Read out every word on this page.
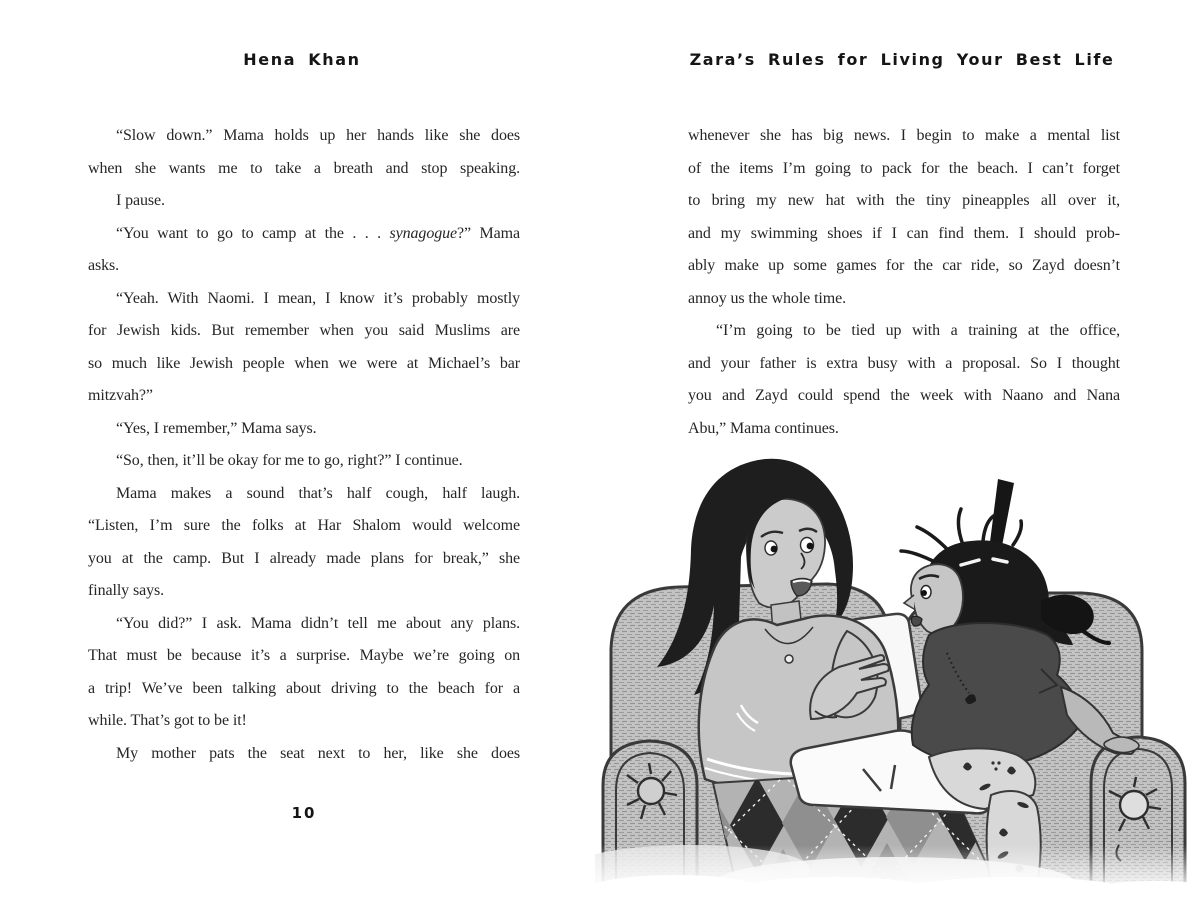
Hena Khan	Zara’s Rules for Living Your Best Life
“Slow down.” Mama holds up her hands like she does
when she wants me to take a breath and stop speaking.
I pause.
“You want to go to camp at the . . . synagogue?” Mama
asks.
“Yeah. With Naomi. I mean, I know it’s probably mostly
for Jewish kids. But remember when you said Muslims are
so much like Jewish people when we were at Michael’s bar
mitzvah?”
“Yes, I remember,” Mama says.
“So, then, it’ll be okay for me to go, right?” I continue.
Mama makes a sound that’s half cough, half laugh.
“Listen, I’m sure the folks at Har Shalom would welcome
you at the camp. But I already made plans for break,” she
finally says.
“You did?” I ask. Mama didn’t tell me about any plans.
That must be because it’s a surprise. Maybe we’re going on
a trip! We’ve been talking about driving to the beach for a
while. That’s got to be it!
My mother pats the seat next to her, like she does
whenever she has big news. I begin to make a mental list
of the items I’m going to pack for the beach. I can’t forget
to bring my new hat with the tiny pineapples all over it,
and my swimming shoes if I can find them. I should prob-
ably make up some games for the car ride, so Zayd doesn’t
annoy us the whole time.
“I’m going to be tied up with a training at the office,
and your father is extra busy with a proposal. So I thought
you and Zayd could spend the week with Naano and Nana
Abu,” Mama continues.
10
